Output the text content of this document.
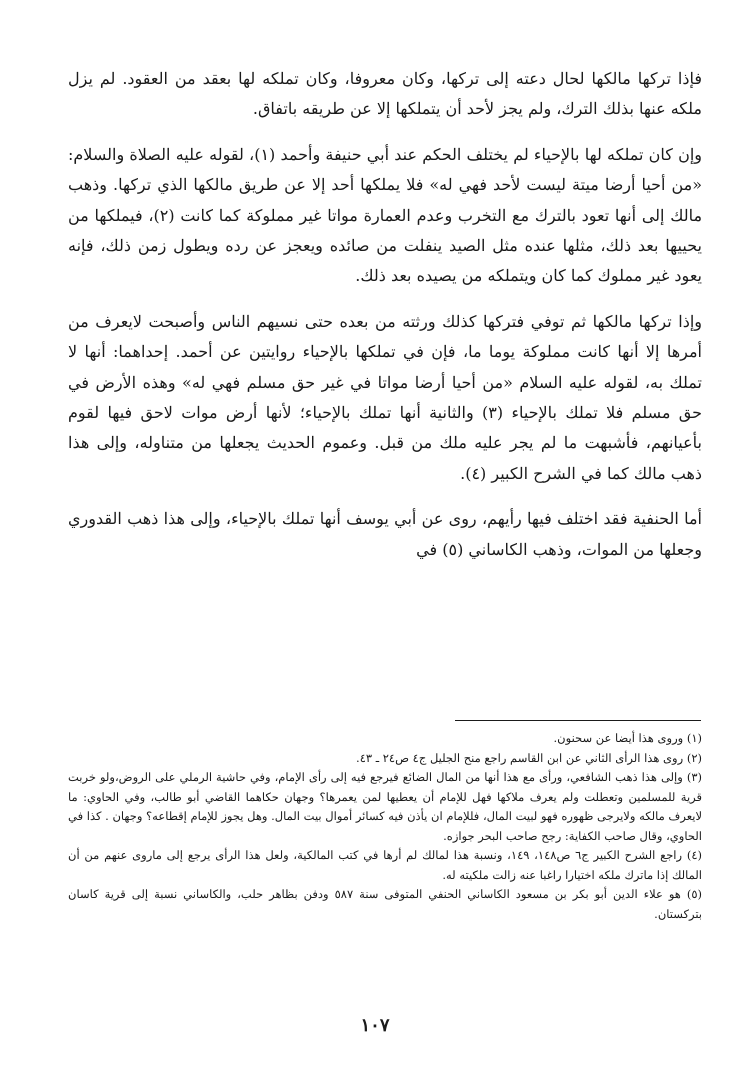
فإذا تركها مالكها لحال دعته إلى تركها، وكان معروفا، وكان تملكه لها بعقد من العقود. لم يزل ملكه عنها بذلك الترك، ولم يجز لأحد أن يتملكها إلا عن طريقه باتفاق.

وإن كان تملكه لها بالإحياء لم يختلف الحكم عند أبي حنيفة وأحمد (١)، لقوله عليه الصلاة والسلام: «من أحيا أرضا ميتة ليست لأحد فهي له» فلا يملكها أحد إلا عن طريق مالكها الذي تركها. وذهب مالك إلى أنها تعود بالترك مع التخرب وعدم العمارة مواتا غير مملوكة كما كانت (٢)، فيملكها من يحييها بعد ذلك، مثلها عنده مثل الصيد ينفلت من صائده ويعجز عن رده ويطول زمن ذلك، فإنه يعود غير مملوك كما كان ويتملكه من يصيده بعد ذلك.

وإذا تركها مالكها ثم توفي فتركها كذلك ورثته من بعده حتى نسيهم الناس وأصبحت لايعرف من أمرها إلا أنها كانت مملوكة يوما ما، فإن في تملكها بالإحياء روايتين عن أحمد. إحداهما: أنها لا تملك به، لقوله عليه السلام «من أحيا أرضا مواتا في غير حق مسلم فهي له» وهذه الأرض في حق مسلم فلا تملك بالإحياء (٣) والثانية أنها تملك بالإحياء؛ لأنها أرض موات لاحق فيها لقوم بأعيانهم، فأشبهت ما لم يجر عليه ملك من قبل. وعموم الحديث يجعلها من متناوله، وإلى هذا ذهب مالك كما في الشرح الكبير (٤).

أما الحنفية فقد اختلف فيها رأيهم، روى عن أبي يوسف أنها تملك بالإحياء، وإلى هذا ذهب القدوري وجعلها من الموات، وذهب الكاساني (٥) في

(١) وروى هذا أيضا عن سحنون.

(٢) روى هذا الرأى الثاني عن ابن القاسم راجع منح الجليل ج٤ ص٢٤ ـ ٤٣.

(٣) وإلى هذا ذهب الشافعي، ورأى مع هذا أنها من المال الضائع فيرجع فيه إلى رأى الإمام، وفي حاشية الرملي على الروض،ولو خربت قرية للمسلمين وتعطلت ولم يعرف ملاكها فهل للإمام أن يعطيها لمن يعمرها؟ وجهان حكاهما القاضي أبو طالب، وفي الحاوي: ما لايعرف مالكه ولايرجى ظهوره فهو لبيت المال، فللإمام ان يأذن فيه كسائر أموال بيت المال. وهل يجوز للإمام إقطاعه؟ وجهان . كذا في الحاوي، وقال صاحب الكفاية: رجح صاحب البحر جوازه.

(٤) راجع الشرح الكبير ج٦ ص١٤٨، ١٤٩، ونسبة هذا لمالك لم أرها في كتب المالكية، ولعل هذا الرأى يرجع إلى ماروى عنهم من أن المالك إذا ماترك ملكه اختيارا راغبا عنه زالت ملكيته له.

(٥) هو علاء الدين أبو بكر بن مسعود الكاساني الحنفي المتوفى سنة ٥٨٧ ودفن بظاهر حلب، والكاساني نسبة إلى قرية كاسان بتركستان.

١٠٧
